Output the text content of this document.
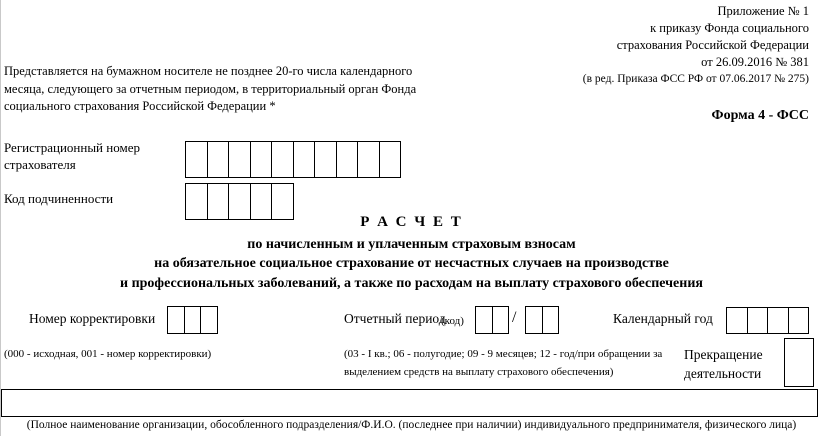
Приложение № 1
к приказу Фонда социального
страхования Российской Федерации
от 26.09.2016 № 381
(в ред. Приказа ФСС РФ от 07.06.2017 № 275)
Представляется на бумажном носителе не позднее 20-го числа календарного месяца, следующего за отчетным периодом, в территориальный орган Фонда социального страхования Российской Федерации *
Форма 4 - ФСС
Регистрационный номер страхователя
Код подчиненности
Р А С Ч Е Т
по начисленным и уплаченным страховым взносам
на обязательное социальное страхование от несчастных случаев на производстве
и профессиональных заболеваний, а также по расходам на выплату страхового обеспечения
Номер корректировки
(000 - исходная, 001 - номер корректировки)
Отчетный период
(код)	/
(03 - I кв.; 06 - полугодие; 09 - 9 месяцев; 12 - год/при обращении за
выделением средств на выплату страхового обеспечения)
Календарный год
Прекращение
деятельности
(Полное наименование организации, обособленного подразделения/Ф.И.О. (последнее при наличии) индивидуального предпринимателя, физического лица)
